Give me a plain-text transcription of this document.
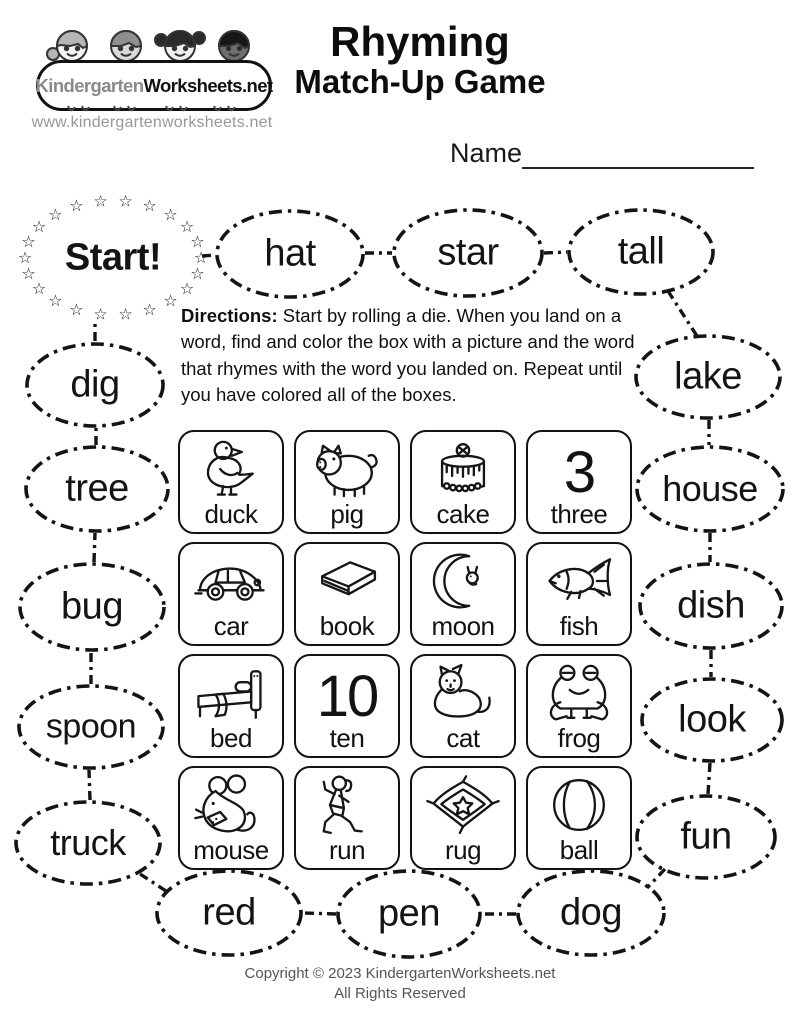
Kindergarten Worksheets.net
www.kindergartenworksheets.net
Rhyming
Match-Up Game
Name
Directions: Start by rolling a die. When you land on a word, find and color the box with a picture and the word that rhymes with the word you landed on. Repeat until you have colored all of the boxes.
☆
☆
☆
☆
☆
☆
☆
☆
☆
☆
☆
☆
☆
☆
☆ ☆ ☆ ☆ ☆ ☆
☆
☆
Start!	hat	star	tall
lake
house
dish
look
fun
dog
pen
red
truck
spoon
bug
tree
dig
duck	pig	cake
3
three
car	book moon	fish
bed
10
ten	cat	frog
mouse run	rug	ball
Copyright © 2023 KindergartenWorksheets.net
All Rights Reserved
